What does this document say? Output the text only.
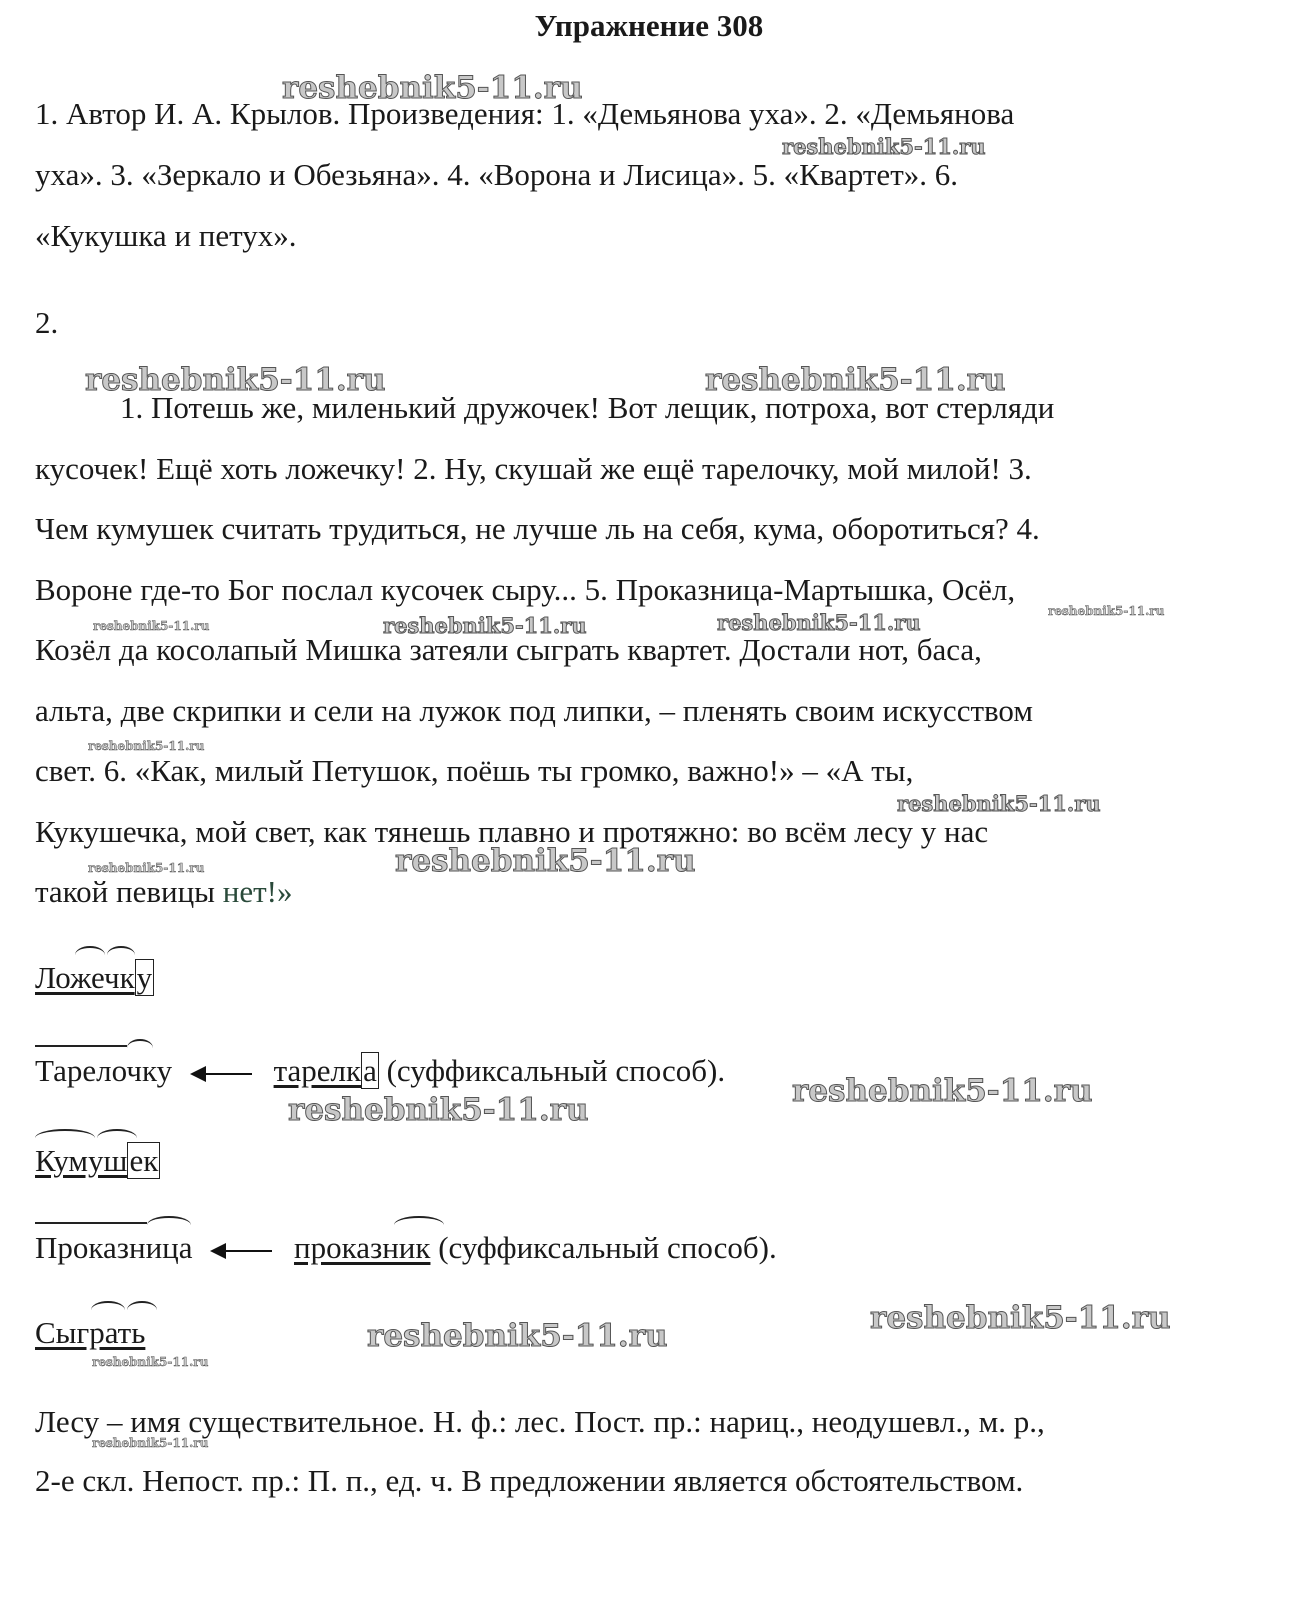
Упражнение 308
1. Автор И. А. Крылов. Произведения: 1. «Демьянова уха». 2. «Демьянова
уха». 3. «Зеркало и Обезьяна». 4. «Ворона и Лисица». 5. «Квартет». 6.
«Кукушка и петух».
2.
1. Потешь же, миленький дружочек! Вот лещик, потроха, вот стерляди
кусочек! Ещё хоть ложечку! 2. Ну, скушай же ещё тарелочку, мой милой! 3.
Чем кумушек считать трудиться, не лучше ль на себя, кума, оборотиться? 4.
Вороне где-то Бог послал кусочек сыру... 5. Проказница-Мартышка, Осёл,
Козёл да косолапый Мишка затеяли сыграть квартет. Достали нот, баса,
альта, две скрипки и сели на лужок под липки, – пленять своим искусством
свет. 6. «Как, милый Петушок, поёшь ты громко, важно!» – «А ты,
Кукушечка, мой свет, как тянешь плавно и протяжно: во всём лесу у нас
такой певицы нет!»
Ложечк
у
Тарелочку	тарелка (суффиксальный способ).
Кумуш
ек
Проказница	проказник
(суффиксальный способ).
Сыграть
Лесу – имя существительное. Н. ф.: лес. Пост. пр.: нариц., неодушевл., м. р.,
2-е скл. Непост. пр.: П. п., ед. ч. В предложении является обстоятельством.
reshebnik5-11.ru
reshebnik5-11.ru
reshebnik5-11.ru	reshebnik5-11.ru
reshebnik5-11.ru	reshebnik5-11.ru	reshebnik5-11.ru	reshebnik5-11.ru
reshebnik5-11.ru
reshebnik5-11.ru
reshebnik5-11.ru	reshebnik5-11.ru
reshebnik5-11.ru
reshebnik5-11.ru
reshebnik5-11.ru
reshebnik5-11.ru
reshebnik5-11.ru
reshebnik5-11.ru
